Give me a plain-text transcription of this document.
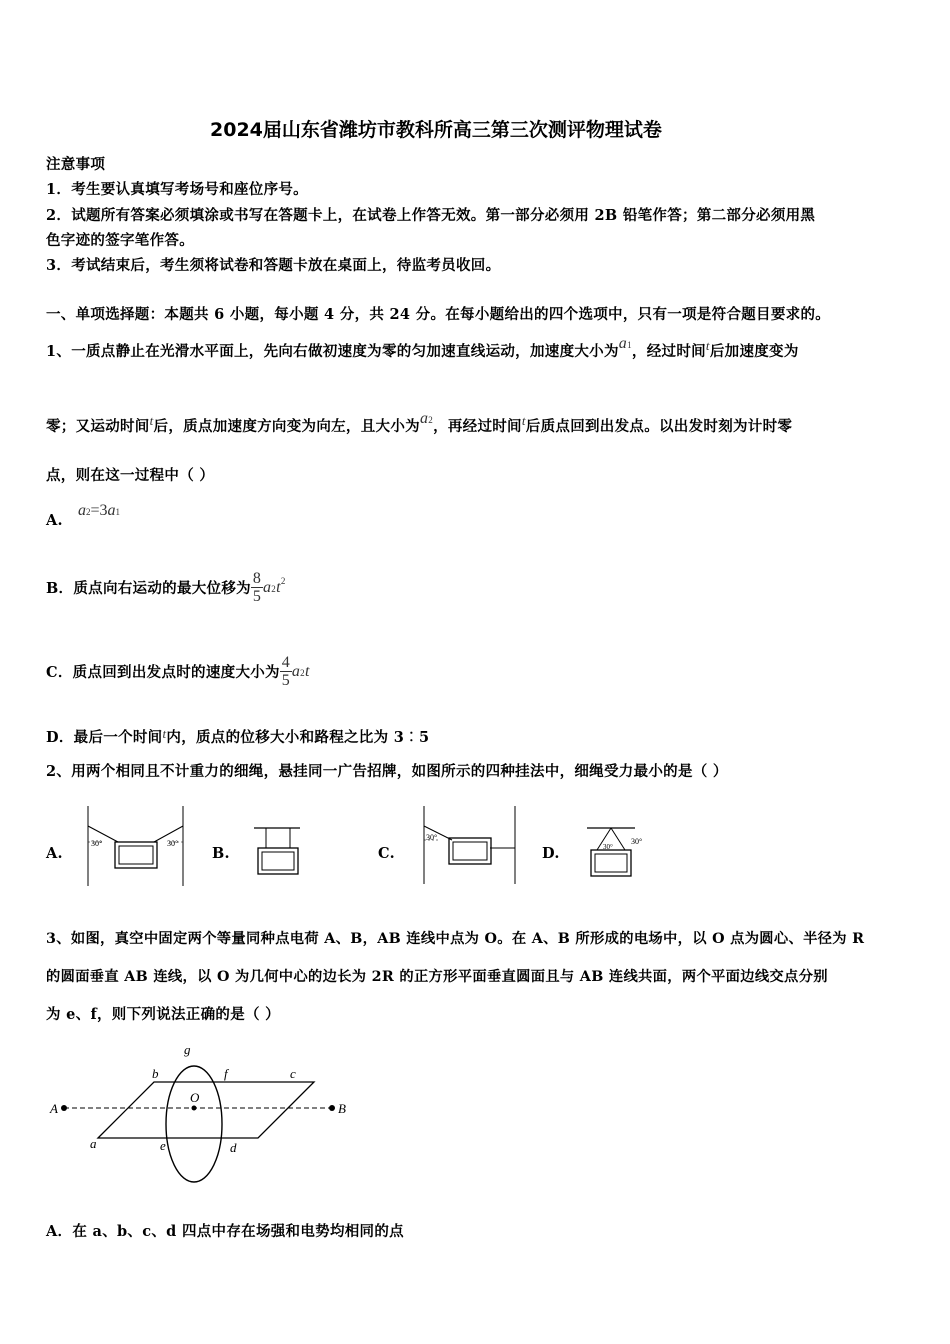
2024届山东省潍坊市教科所高三第三次测评物理试卷
注意事项
1．考生要认真填写考场号和座位序号。
2．试题所有答案必须填涂或书写在答题卡上，在试卷上作答无效。第一部分必须用 2B 铅笔作答；第二部分必须用黑
色字迹的签字笔作答。
3．考试结束后，考生须将试卷和答题卡放在桌面上，待监考员收回。
一、单项选择题：本题共 6 小题，每小题 4 分，共 24 分。在每小题给出的四个选项中，只有一项是符合题目要求的。
1、一质点静止在光滑水平面上，先向右做初速度为零的匀加速直线运动，加速度大小为a1，经过时间t后加速度变为
零；又运动时间t后，质点加速度方向变为向左，且大小为a2，再经过时间t后质点回到出发点。以出发时刻为计时零
点，则在这一过程中（ ）
A.
a2=3a1
B．质点向右运动的最大位移为 $\frac{8}{5} a2t^2$
C．质点回到出发点时的速度大小为 $\frac{4}{5} a2t$
D．最后一个时间t内，质点的位移大小和路程之比为 3︰5
2、用两个相同且不计重力的细绳，悬挂同一广告招牌，如图所示的四种挂法中，细绳受力最小的是（ ）
A.	B.	C.	D.
30°	30°
30°	30°
30°
3、如图，真空中固定两个等量同种点电荷 A、B，AB 连线中点为 O。在 A、B 所形成的电场中，以 O 点为圆心、半径为 R
的圆面垂直 AB 连线，以 O 为几何中心的边长为 2R 的正方形平面垂直圆面且与 AB 连线共面，两个平面边线交点分别
为 e、f，则下列说法正确的是（ ）
A	B
O
a
b	c
d
e
f
g
A．在 a、b、c、d 四点中存在场强和电势均相同的点
